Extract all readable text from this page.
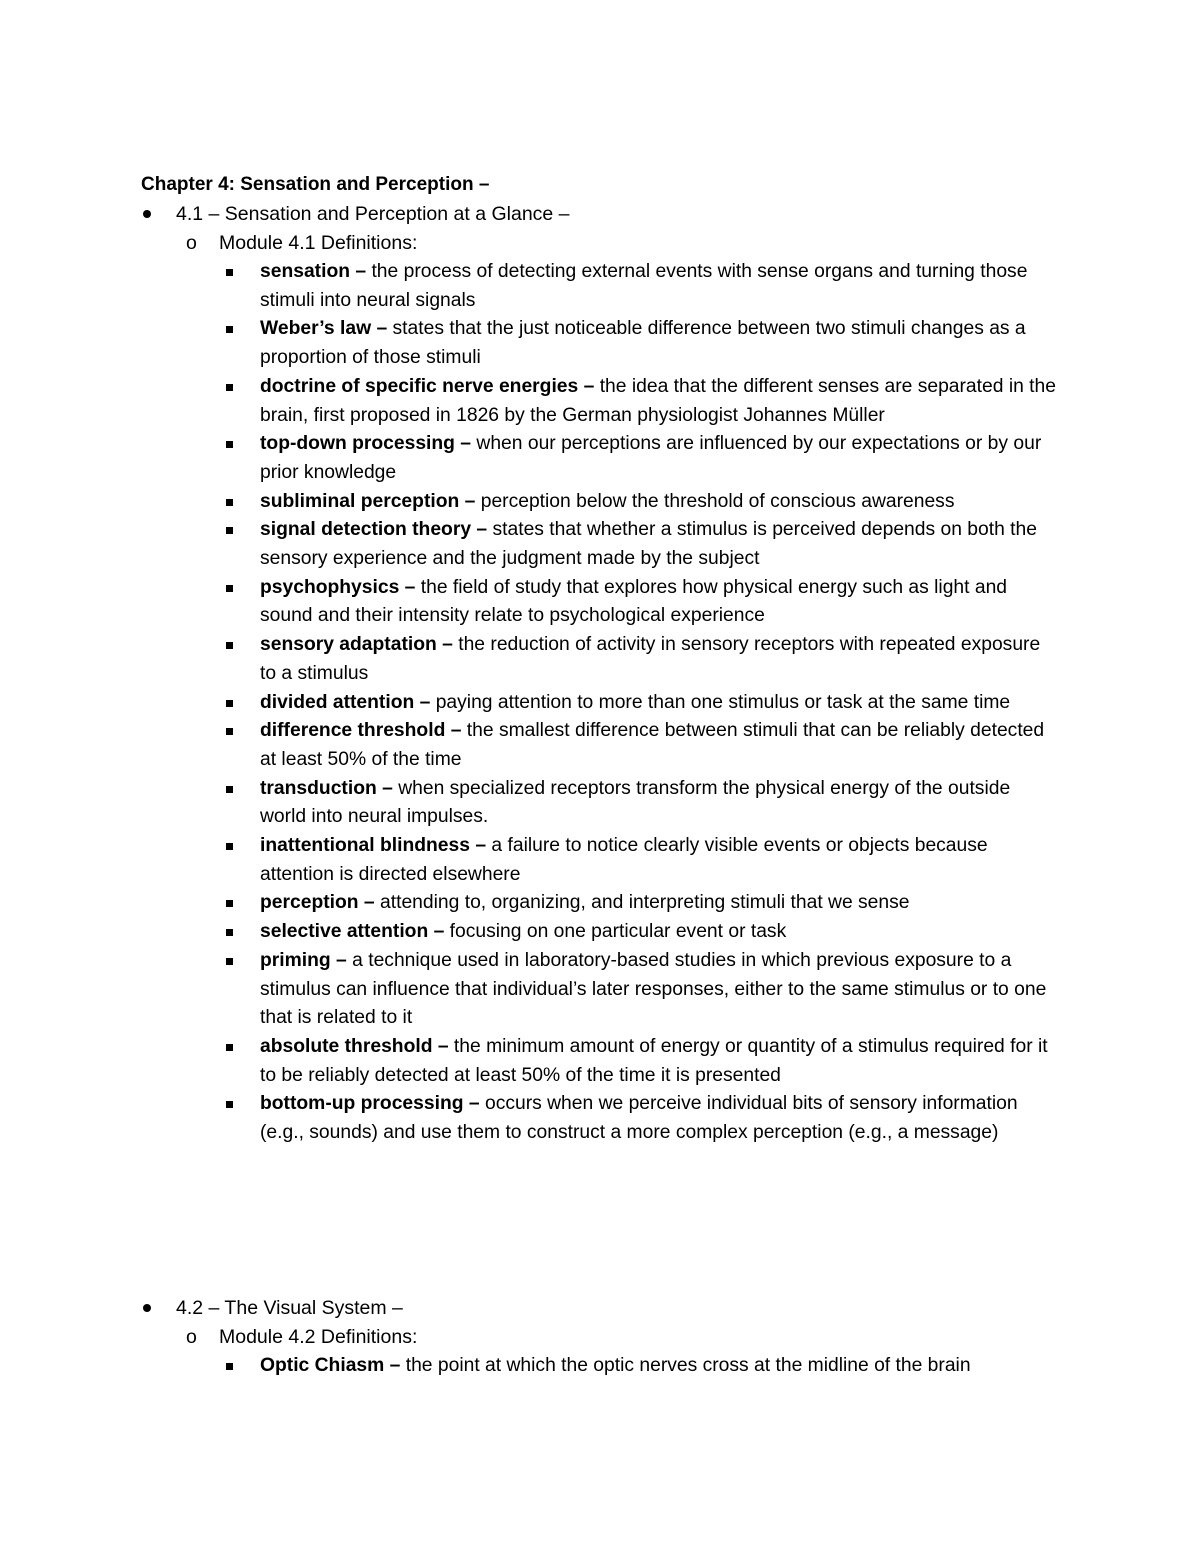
Chapter 4: Sensation and Perception –
4.1 – Sensation and Perception at a Glance –
o Module 4.1 Definitions:
sensation – the process of detecting external events with sense organs and turning those stimuli into neural signals
Weber’s law – states that the just noticeable difference between two stimuli changes as a proportion of those stimuli
doctrine of specific nerve energies – the idea that the different senses are separated in the brain, first proposed in 1826 by the German physiologist Johannes Müller
top-down processing – when our perceptions are influenced by our expectations or by our prior knowledge
subliminal perception – perception below the threshold of conscious awareness
signal detection theory – states that whether a stimulus is perceived depends on both the sensory experience and the judgment made by the subject
psychophysics – the field of study that explores how physical energy such as light and sound and their intensity relate to psychological experience
sensory adaptation – the reduction of activity in sensory receptors with repeated exposure to a stimulus
divided attention – paying attention to more than one stimulus or task at the same time
difference threshold – the smallest difference between stimuli that can be reliably detected at least 50% of the time
transduction – when specialized receptors transform the physical energy of the outside world into neural impulses.
inattentional blindness – a failure to notice clearly visible events or objects because attention is directed elsewhere
perception – attending to, organizing, and interpreting stimuli that we sense
selective attention – focusing on one particular event or task
priming – a technique used in laboratory-based studies in which previous exposure to a stimulus can influence that individual’s later responses, either to the same stimulus or to one that is related to it
absolute threshold – the minimum amount of energy or quantity of a stimulus required for it to be reliably detected at least 50% of the time it is presented
bottom-up processing – occurs when we perceive individual bits of sensory information (e.g., sounds) and use them to construct a more complex perception (e.g., a message)
4.2 – The Visual System –
o Module 4.2 Definitions:
Optic Chiasm – the point at which the optic nerves cross at the midline of the brain
